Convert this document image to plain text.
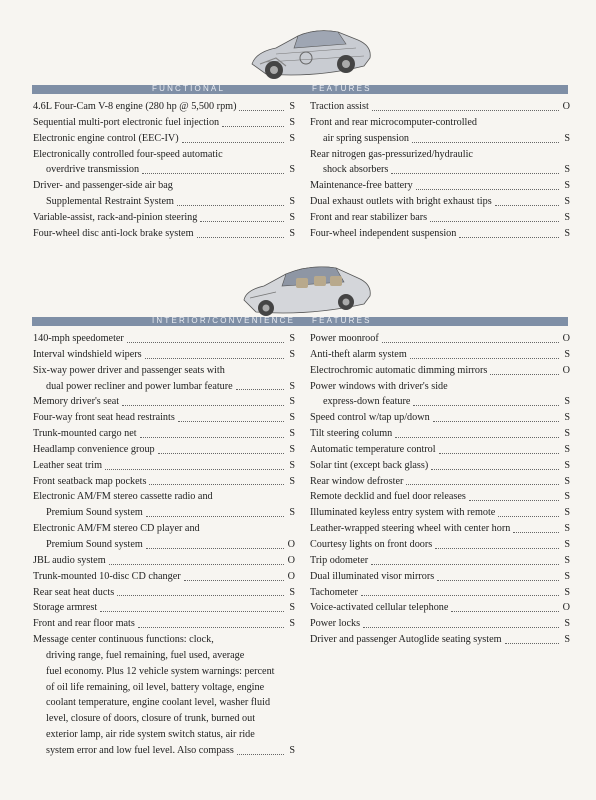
FUNCTIONAL	FEATURES
4.6L Four-Cam V-8 engine (280 hp @ 5,500 rpm)	S
Sequential multi-port electronic fuel injection	S
Electronic engine control (EEC-IV)	S
Electronically controlled four-speed automatic
overdrive transmission	S
Driver- and passenger-side air bag
Supplemental Restraint System	S
Variable-assist, rack-and-pinion steering	S
Four-wheel disc anti-lock brake system	S
Traction assist	O
Front and rear microcomputer-controlled
air spring suspension	S
Rear nitrogen gas-pressurized/hydraulic
shock absorbers	S
Maintenance-free battery	S
Dual exhaust outlets with bright exhaust tips	S
Front and rear stabilizer bars	S
Four-wheel independent suspension	S
INTERIOR/CONVENIENCE FEATURES
140-mph speedometer	S
Interval windshield wipers	S
Six-way power driver and passenger seats with
dual power recliner and power lumbar feature	S
Memory driver's seat	S
Four-way front seat head restraints	S
Trunk-mounted cargo net	S
Headlamp convenience group	S
Leather seat trim	S
Front seatback map pockets	S
Electronic AM/FM stereo cassette radio and
Premium Sound system	S
Electronic AM/FM stereo CD player and
Premium Sound system	O
JBL audio system	O
Trunk-mounted 10-disc CD changer	O
Rear seat heat ducts	S
Storage armrest	S
Front and rear floor mats	S
Message center continuous functions: clock,
driving range, fuel remaining, fuel used, average
fuel economy. Plus 12 vehicle system warnings: percent
of oil life remaining, oil level, battery voltage, engine
coolant temperature, engine coolant level, washer fluid
level, closure of doors, closure of trunk, burned out
exterior lamp, air ride system switch status, air ride
system error and low fuel level. Also compass	S
Power moonroof	O
Anti-theft alarm system	S
Electrochromic automatic dimming mirrors	O
Power windows with driver's side
express-down feature	S
Speed control w/tap up/down	S
Tilt steering column	S
Automatic temperature control	S
Solar tint (except back glass)	S
Rear window defroster	S
Remote decklid and fuel door releases	S
Illuminated keyless entry system with remote	S
Leather-wrapped steering wheel with center horn	S
Courtesy lights on front doors	S
Trip odometer	S
Dual illuminated visor mirrors	S
Tachometer	S
Voice-activated cellular telephone	O
Power locks	S
Driver and passenger Autoglide seating system	S
